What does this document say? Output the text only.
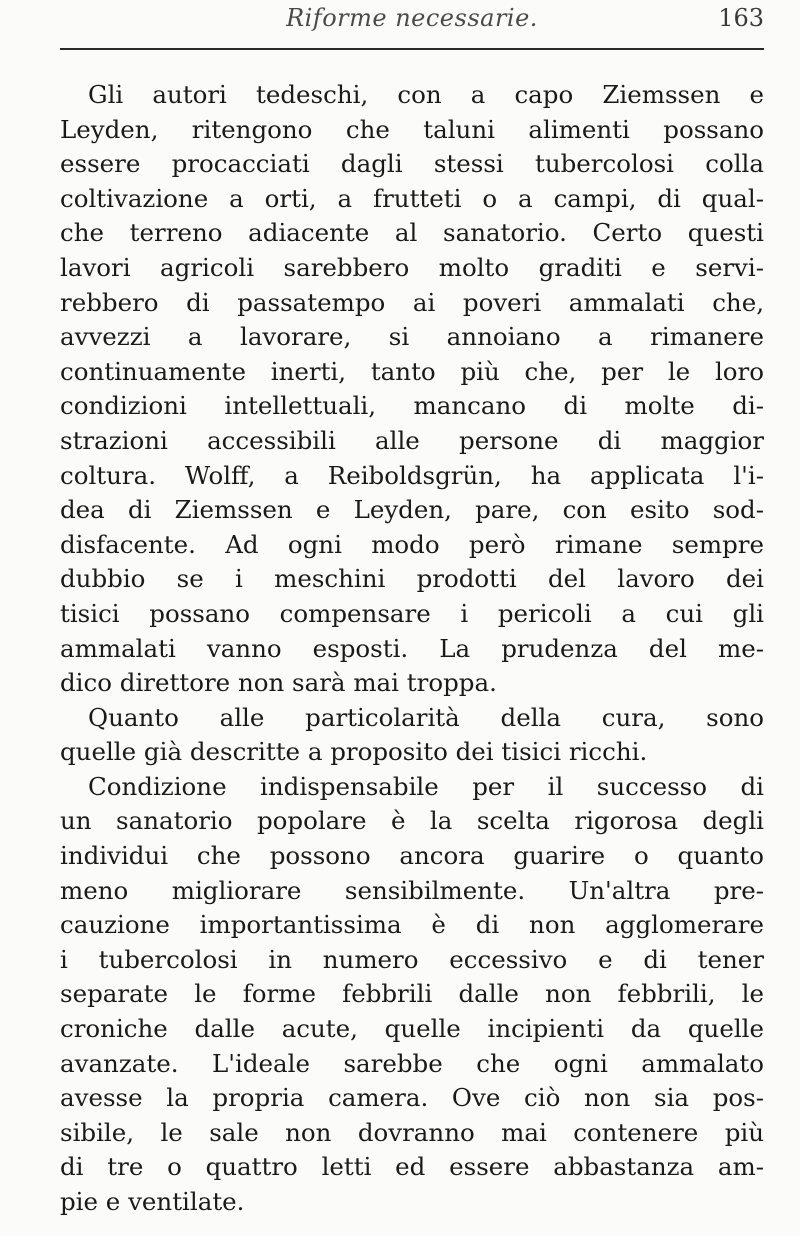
Riforme necessarie.	163
Gli autori tedeschi, con a capo Ziemssen e
Leyden, ritengono che taluni alimenti possano
essere procacciati dagli stessi tubercolosi colla
coltivazione a orti, a frutteti o a campi, di qual-
che terreno adiacente al sanatorio. Certo questi
lavori agricoli sarebbero molto graditi e servi-
rebbero di passatempo ai poveri ammalati che,
avvezzi a lavorare, si annoiano a rimanere
continuamente inerti, tanto più che, per le loro
condizioni intellettuali, mancano di molte di-
strazioni accessibili alle persone di maggior
coltura. Wolff, a Reiboldsgrün, ha applicata l'i-
dea di Ziemssen e Leyden, pare, con esito sod-
disfacente. Ad ogni modo però rimane sempre
dubbio se i meschini prodotti del lavoro dei
tisici possano compensare i pericoli a cui gli
ammalati vanno esposti. La prudenza del me-
dico direttore non sarà mai troppa.
Quanto alle particolarità della cura, sono
quelle già descritte a proposito dei tisici ricchi.
Condizione indispensabile per il successo di
un sanatorio popolare è la scelta rigorosa degli
individui che possono ancora guarire o quanto
meno migliorare sensibilmente. Un'altra pre-
cauzione importantissima è di non agglomerare
i tubercolosi in numero eccessivo e di tener
separate le forme febbrili dalle non febbrili, le
croniche dalle acute, quelle incipienti da quelle
avanzate. L'ideale sarebbe che ogni ammalato
avesse la propria camera. Ove ciò non sia pos-
sibile, le sale non dovranno mai contenere più
di tre o quattro letti ed essere abbastanza am-
pie e ventilate.
